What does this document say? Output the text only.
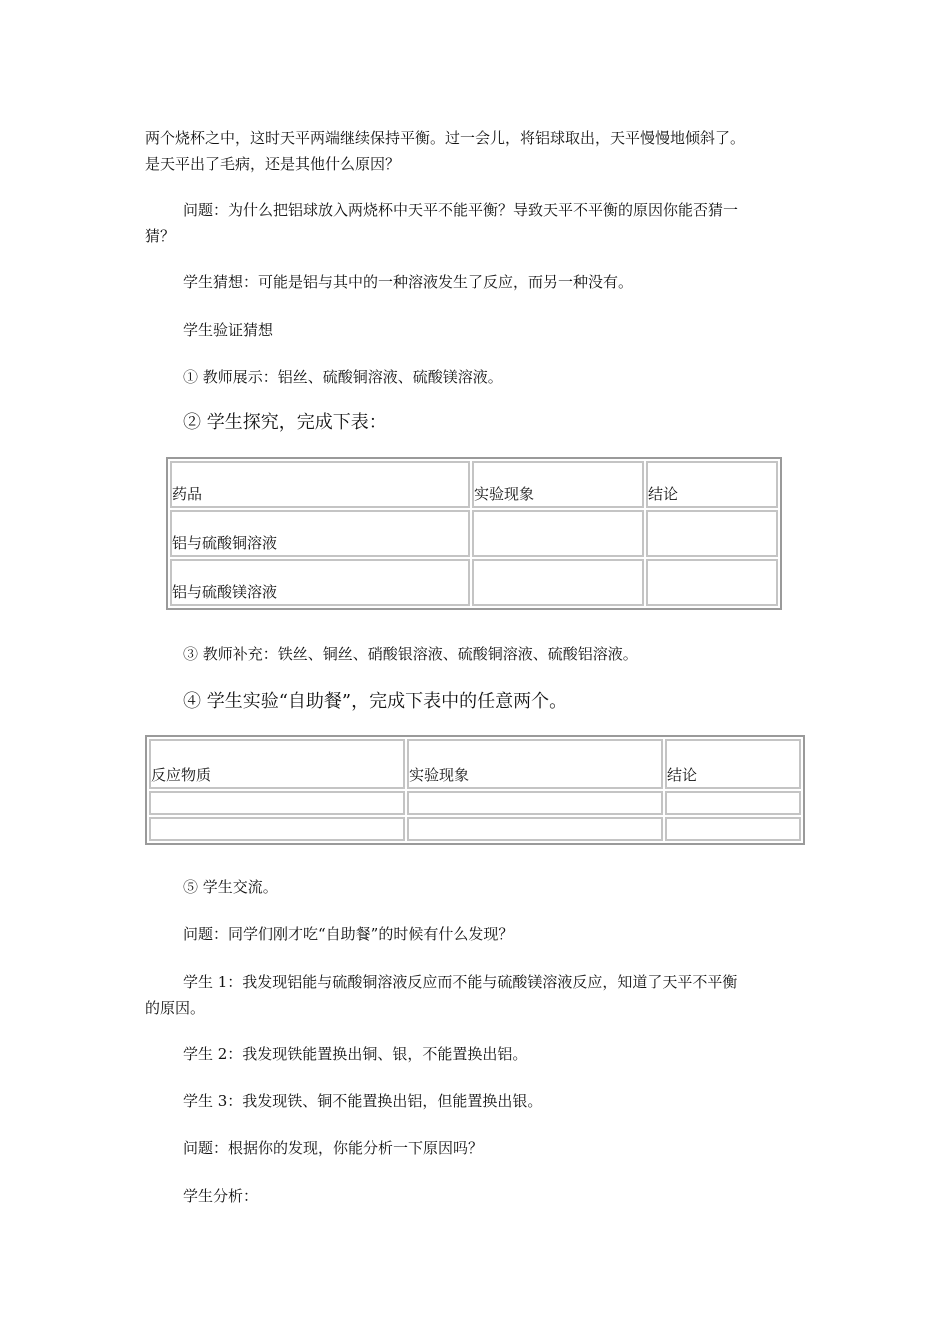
两个烧杯之中，这时天平两端继续保持平衡。过一会儿，将铝球取出，天平慢慢地倾斜了。
是天平出了毛病，还是其他什么原因？
问题：为什么把铝球放入两烧杯中天平不能平衡？导致天平不平衡的原因你能否猜一
猜？
学生猜想：可能是铝与其中的一种溶液发生了反应，而另一种没有。
学生验证猜想
① 教师展示：铝丝、硫酸铜溶液、硫酸镁溶液。
② 学生探究，完成下表：
药品	实验现象	结论
铝与硫酸铜溶液		
铝与硫酸镁溶液		
③ 教师补充：铁丝、铜丝、硝酸银溶液、硫酸铜溶液、硫酸铝溶液。
④ 学生实验“自助餐”，完成下表中的任意两个。
反应物质	实验现象	结论

⑤ 学生交流。
问题：同学们刚才吃“自助餐”的时候有什么发现？
学生 1：我发现铝能与硫酸铜溶液反应而不能与硫酸镁溶液反应，知道了天平不平衡
的原因。
学生 2：我发现铁能置换出铜、银，不能置换出铝。
学生 3：我发现铁、铜不能置换出铝，但能置换出银。
问题：根据你的发现，你能分析一下原因吗？
学生分析：
